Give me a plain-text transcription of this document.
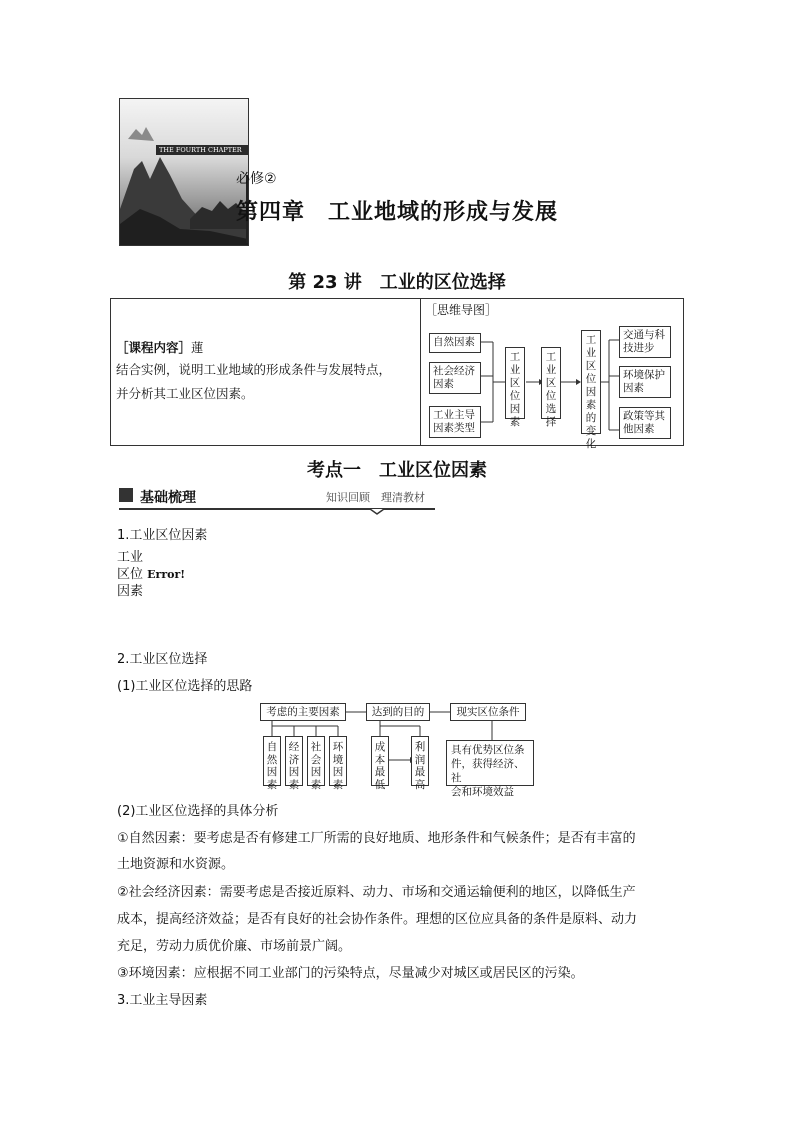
THE FOURTH CHAPTER
必修②
第四章　工业地域的形成与发展
第 23 讲　工业的区位选择
［课程内容］蓮
结合实例，说明工业地域的形成条件与发展特点，
并分析其工业区位因素。
［思维导图］
自然因素
社会经济因素
工业主导因素类型
工业区位因素
工业区位选择
工业区位因素的变化
交通与科技进步
环境保护因素
政策等其他因素
考点一　工业区位因素
基础梳理	知识回顾　理清教材
1.工业区位因素
工业
区位 Error!
因素
2.工业区位选择
(1)工业区位选择的思路
考虑的主要因素	达到的目的	现实区位条件
自然因素
经济因素
社会因素
环境因素
成本最低
利润最高
具有优势区位条
件，获得经济、社
会和环境效益
(2)工业区位选择的具体分析
①自然因素：要考虑是否有修建工厂所需的良好地质、地形条件和气候条件；是否有丰富的
土地资源和水资源。
②社会经济因素：需要考虑是否接近原料、动力、市场和交通运输便利的地区，以降低生产
成本，提高经济效益；是否有良好的社会协作条件。理想的区位应具备的条件是原料、动力
充足，劳动力质优价廉、市场前景广阔。
③环境因素：应根据不同工业部门的污染特点，尽量减少对城区或居民区的污染。
3.工业主导因素
